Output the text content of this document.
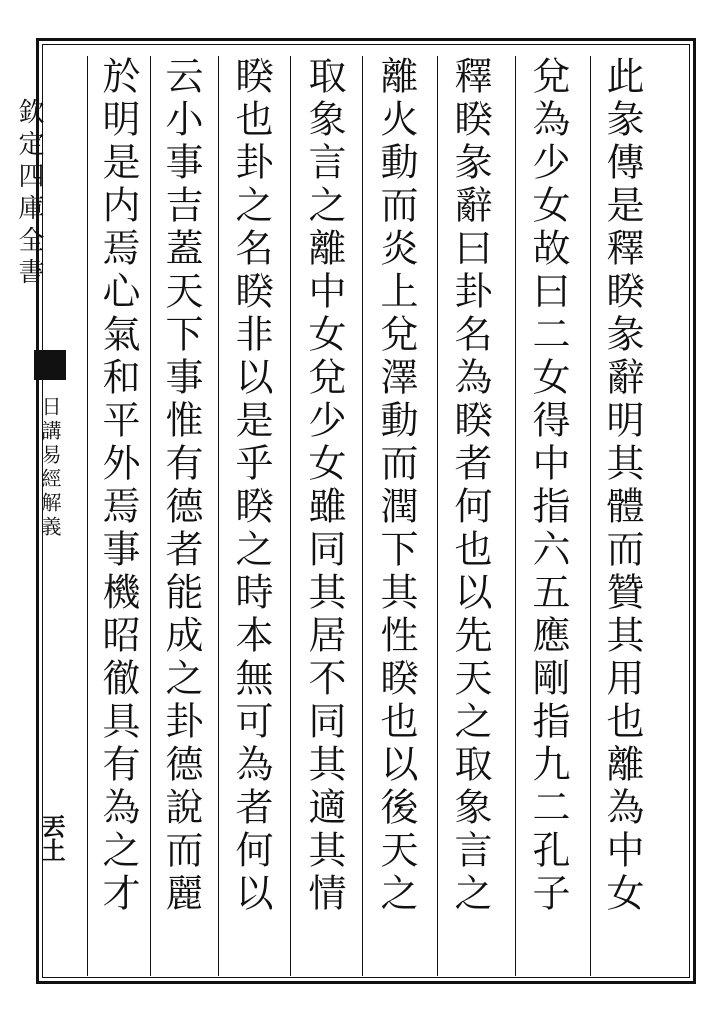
欽定四庫全書
日講易經解義
丟土	此彖傳是釋睽彖辭明其體而贊其用也離為中女
兌為少女故曰二女得中指六五應剛指九二孔子
釋睽彖辭曰卦名為睽者何也以先天之取象言之
離火動而炎上兌澤動而潤下其性睽也以後天之
取象言之離中女兌少女雖同其居不同其適其情
睽也卦之名睽非以是乎睽之時本無可為者何以
云小事吉蓋天下事惟有德者能成之卦德說而麗
於明是内焉心氣和平外焉事機昭徹具有為之才
